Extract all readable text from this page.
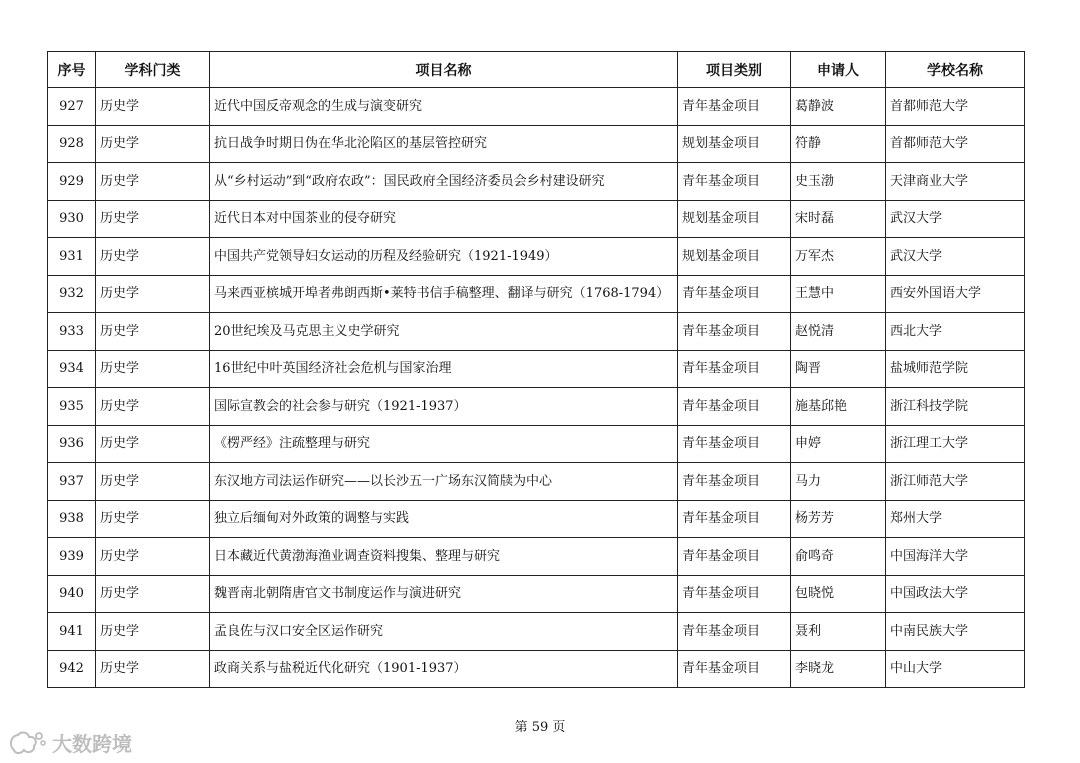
序号	学科门类	项目名称	项目类别	申请人	学校名称
927	历史学	近代中国反帝观念的生成与演变研究	青年基金项目	葛静波	首都师范大学
928	历史学	抗日战争时期日伪在华北沦陷区的基层管控研究	规划基金项目	符静	首都师范大学
929	历史学	从“乡村运动”到“政府农政”：国民政府全国经济委员会乡村建设研究	青年基金项目	史玉渤	天津商业大学
930	历史学	近代日本对中国茶业的侵夺研究	规划基金项目	宋时磊	武汉大学
931	历史学	中国共产党领导妇女运动的历程及经验研究（1921-1949）	规划基金项目	万军杰	武汉大学
932	历史学	马来西亚槟城开埠者弗朗西斯•莱特书信手稿整理、翻译与研究（1768-1794）	青年基金项目	王慧中	西安外国语大学
933	历史学	20世纪埃及马克思主义史学研究	青年基金项目	赵悦清	西北大学
934	历史学	16世纪中叶英国经济社会危机与国家治理	青年基金项目	陶晋	盐城师范学院
935	历史学	国际宣教会的社会参与研究（1921-1937）	青年基金项目	施基邱艳	浙江科技学院
936	历史学	《楞严经》注疏整理与研究	青年基金项目	申婷	浙江理工大学
937	历史学	东汉地方司法运作研究——以长沙五一广场东汉简牍为中心	青年基金项目	马力	浙江师范大学
938	历史学	独立后缅甸对外政策的调整与实践	青年基金项目	杨芳芳	郑州大学
939	历史学	日本藏近代黄渤海渔业调查资料搜集、整理与研究	青年基金项目	俞鸣奇	中国海洋大学
940	历史学	魏晋南北朝隋唐官文书制度运作与演进研究	青年基金项目	包晓悦	中国政法大学
941	历史学	孟良佐与汉口安全区运作研究	青年基金项目	聂利	中南民族大学
942	历史学	政商关系与盐税近代化研究（1901-1937）	青年基金项目	李晓龙	中山大学
第 59 页
大数跨境
